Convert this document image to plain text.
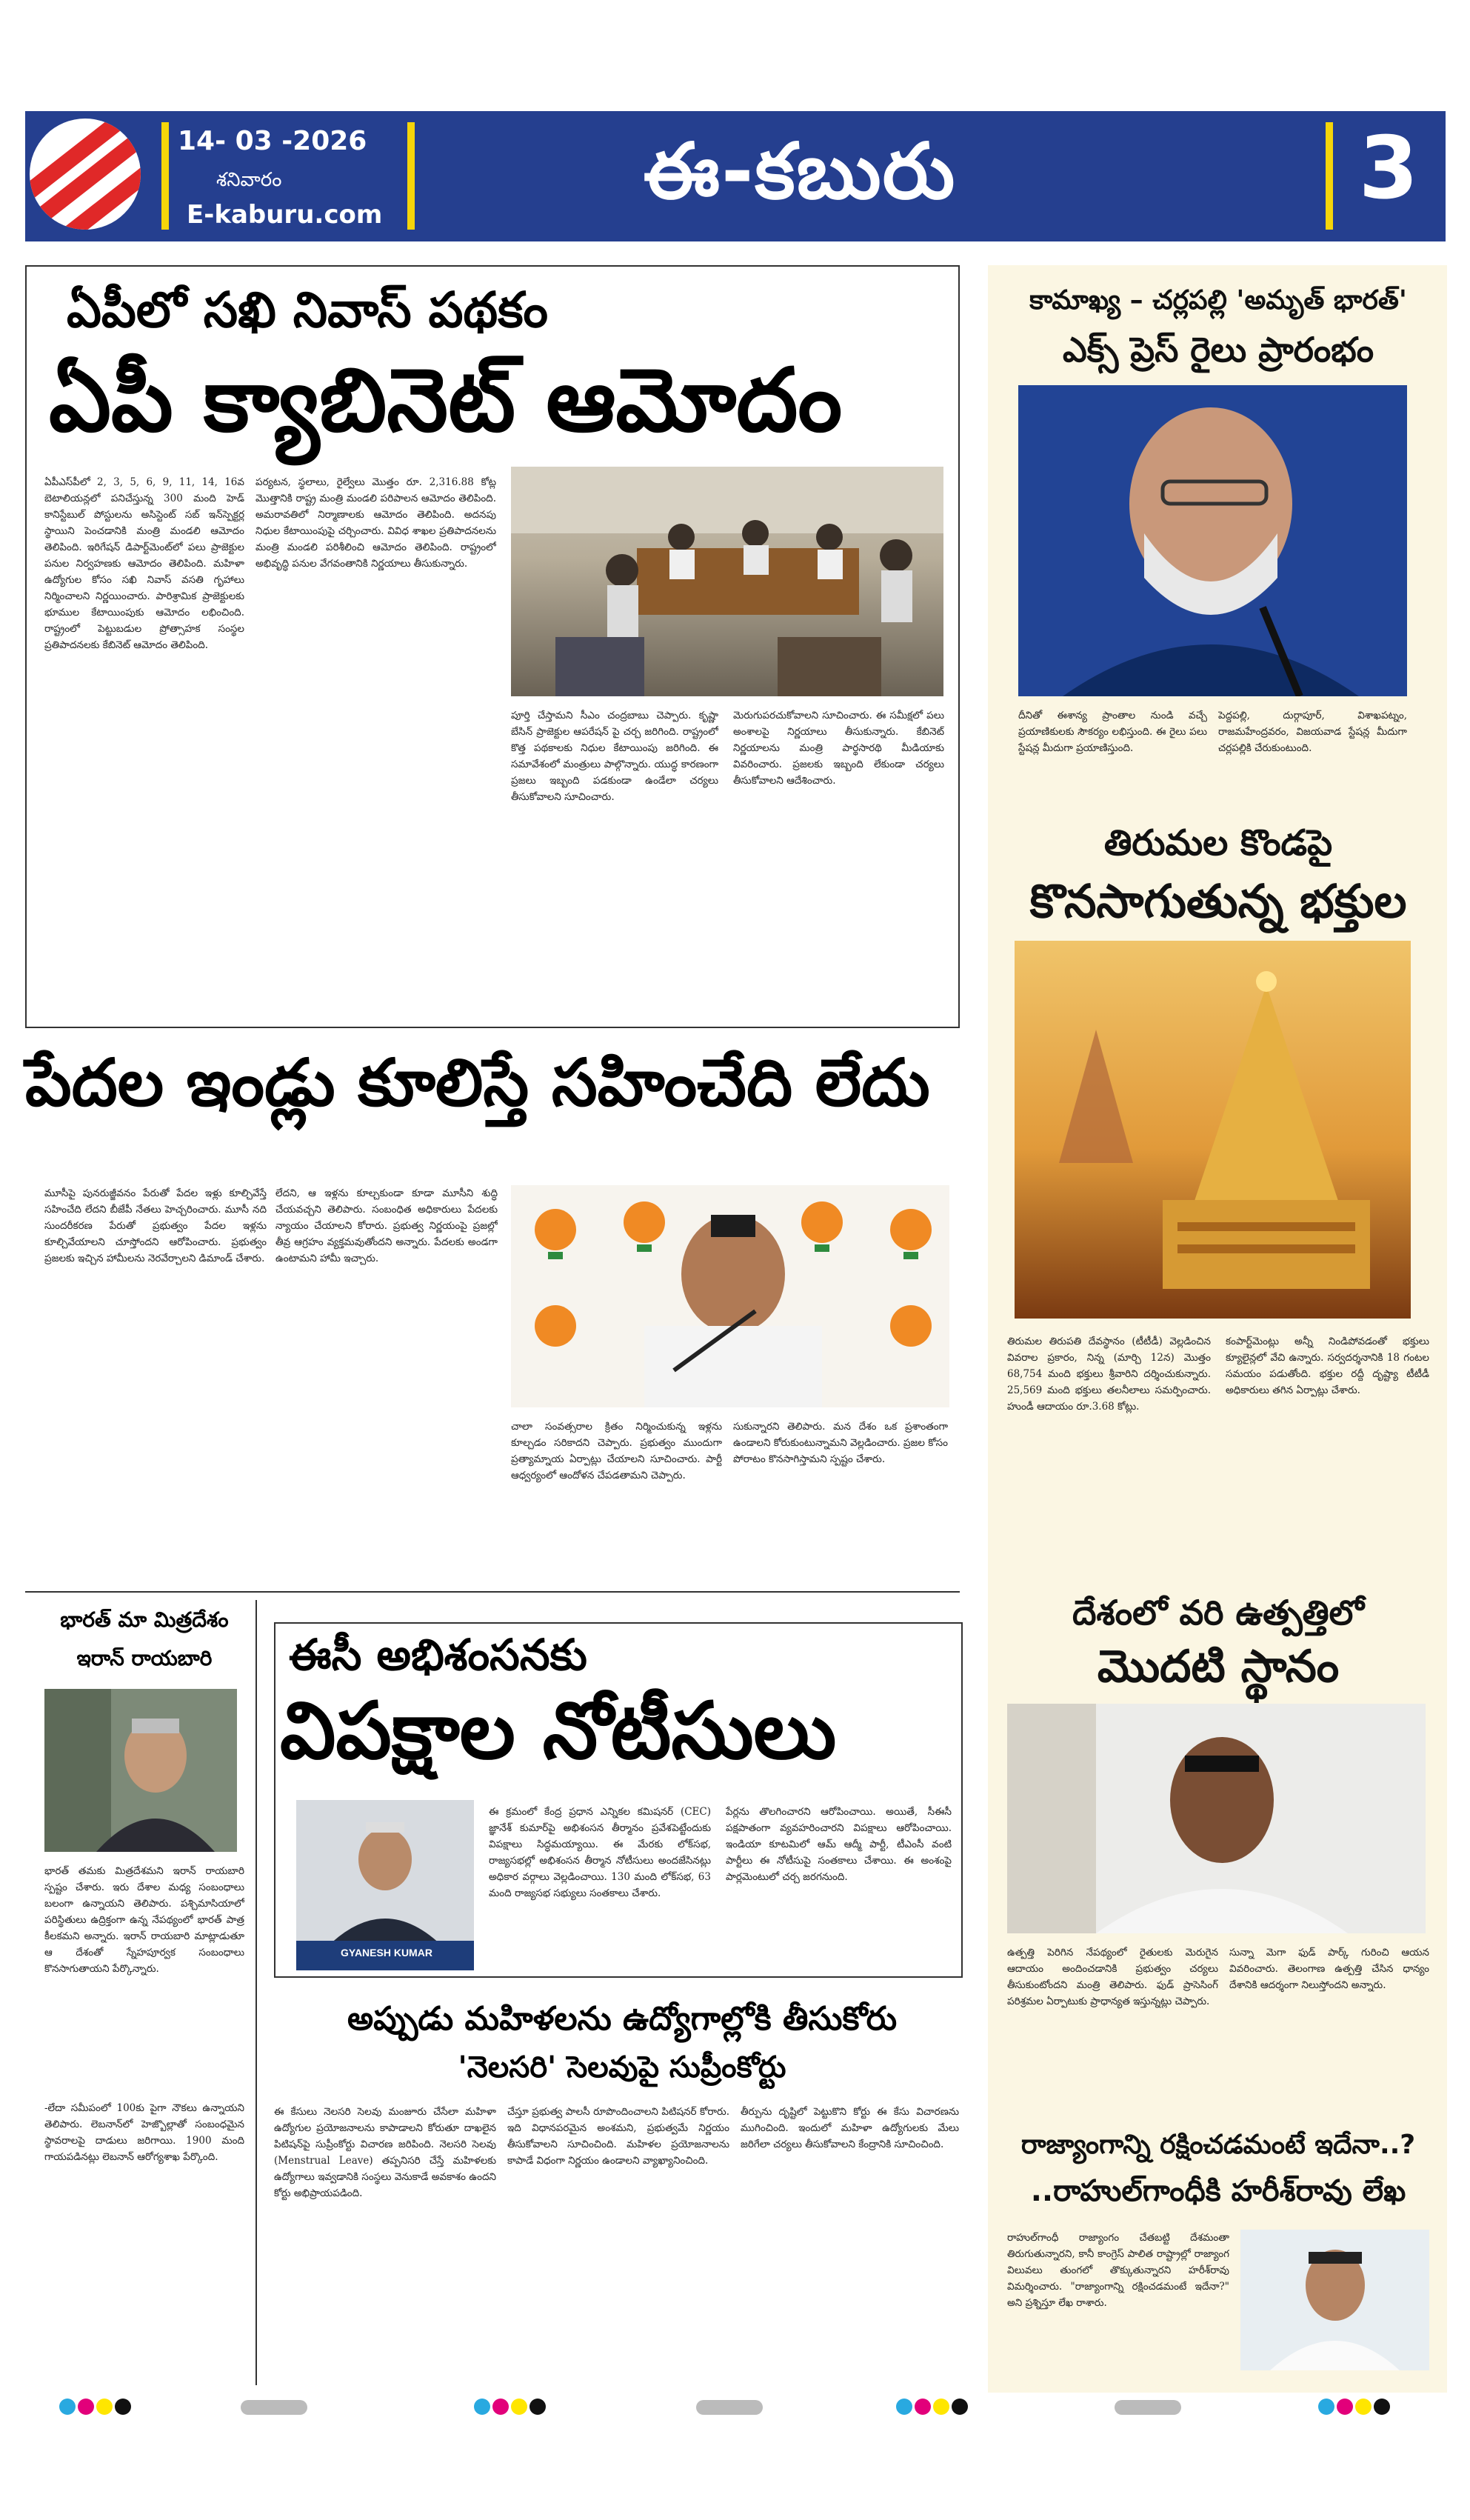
14- 03 -2026
శనివారం
E-kaburu.com	ఈ-కబురు	3
ఏపీలో సఖి నివాస్ పథకం
ఏపీ క్యాబినెట్ ఆమోదం
ఏపీఎస్‌పీలో 2, 3, 5, 6, 9, 11, 14, 16వ బెటాలియన్లలో పనిచేస్తున్న 300 మంది హెడ్ కానిస్టేబుల్ పోస్టులను అసిస్టెంట్ సబ్ ఇన్‌స్పెక్టర్ల స్థాయిని పెంచడానికి మంత్రి మండలి ఆమోదం తెలిపింది. ఇరిగేషన్ డిపార్ట్‌మెంట్‌లో పలు ప్రాజెక్టుల పనుల నిర్వహణకు ఆమోదం తెలిపింది. మహిళా ఉద్యోగుల కోసం సఖి నివాస్ వసతి గృహాలు నిర్మించాలని నిర్ణయించారు. పారిశ్రామిక ప్రాజెక్టులకు భూముల కేటాయింపుకు ఆమోదం లభించింది. రాష్ట్రంలో పెట్టుబడుల ప్రోత్సాహక సంస్థల ప్రతిపాదనలకు కేబినెట్ ఆమోదం తెలిపింది.
పర్యటన, స్థలాలు, రైల్వేలు మొత్తం రూ. 2,316.88 కోట్ల మొత్తానికి రాష్ట్ర మంత్రి మండలి పరిపాలన ఆమోదం తెలిపింది. అమరావతిలో నిర్మాణాలకు ఆమోదం తెలిపింది. అదనపు నిధుల కేటాయింపుపై చర్చించారు. వివిధ శాఖల ప్రతిపాదనలను మంత్రి మండలి పరిశీలించి ఆమోదం తెలిపింది. రాష్ట్రంలో అభివృద్ధి పనుల వేగవంతానికి నిర్ణయాలు తీసుకున్నారు.
పూర్తి చేస్తామని సీఎం చంద్రబాబు చెప్పారు. కృష్ణా బేసిన్ ప్రాజెక్టుల ఆపరేషన్ పై చర్చ జరిగింది. రాష్ట్రంలో కొత్త పథకాలకు నిధుల కేటాయింపు జరిగింది. ఈ సమావేశంలో మంత్రులు పాల్గొన్నారు. యుద్ధ కారణంగా ప్రజలు ఇబ్బంది పడకుండా ఉండేలా చర్యలు తీసుకోవాలని సూచించారు.
మెరుగుపరచుకోవాలని సూచించారు. ఈ సమీక్షలో పలు అంశాలపై నిర్ణయాలు తీసుకున్నారు. కేబినెట్ నిర్ణయాలను మంత్రి పార్థసారథి మీడియాకు వివరించారు. ప్రజలకు ఇబ్బంది లేకుండా చర్యలు తీసుకోవాలని ఆదేశించారు.
పేదల ఇండ్లు కూలిస్తే సహించేది లేదు
మూసీపై పునరుజ్జీవనం పేరుతో పేదల ఇళ్లు కూల్చివేస్తే సహించేది లేదని బీజేపీ నేతలు హెచ్చరించారు. మూసీ నది సుందరీకరణ పేరుతో ప్రభుత్వం పేదల ఇళ్లను కూల్చివేయాలని చూస్తోందని ఆరోపించారు. ప్రభుత్వం ప్రజలకు ఇచ్చిన హామీలను నెరవేర్చాలని డిమాండ్ చేశారు.
లేదని, ఆ ఇళ్లను కూల్చకుండా కూడా మూసీని శుద్ధి చేయవచ్చని తెలిపారు. సంబంధిత అధికారులు పేదలకు న్యాయం చేయాలని కోరారు. ప్రభుత్వ నిర్ణయంపై ప్రజల్లో తీవ్ర ఆగ్రహం వ్యక్తమవుతోందని అన్నారు. పేదలకు అండగా ఉంటామని హామీ ఇచ్చారు.
చాలా సంవత్సరాల క్రితం నిర్మించుకున్న ఇళ్లను కూల్చడం సరికాదని చెప్పారు. ప్రభుత్వం ముందుగా ప్రత్యామ్నాయ ఏర్పాట్లు చేయాలని సూచించారు. పార్టీ ఆధ్వర్యంలో ఆందోళన చేపడతామని చెప్పారు.
సుకున్నారని తెలిపారు. మన దేశం ఒక ప్రశాంతంగా ఉండాలని కోరుకుంటున్నామని వెల్లడించారు. ప్రజల కోసం పోరాటం కొనసాగిస్తామని స్పష్టం చేశారు.
భారత్ మా మిత్రదేశం
ఇరాన్ రాయబారి
భారత్ తమకు మిత్రదేశమని ఇరాన్ రాయబారి స్పష్టం చేశారు. ఇరు దేశాల మధ్య సంబంధాలు బలంగా ఉన్నాయని తెలిపారు. పశ్చిమాసియాలో పరిస్థితులు ఉద్రిక్తంగా ఉన్న నేపథ్యంలో భారత్ పాత్ర కీలకమని అన్నారు. ఇరాన్ రాయబారి మాట్లాడుతూ ఆ దేశంతో స్నేహపూర్వక సంబంధాలు కొనసాగుతాయని పేర్కొన్నారు.
-లేదా సమీపంలో 100కు పైగా నౌకలు ఉన్నాయని తెలిపారు. లెబనాన్‌లో హెజ్బొల్లాతో సంబంధమైన స్థావరాలపై దాడులు జరిగాయి. 1900 మంది గాయపడినట్లు లెబనాన్ ఆరోగ్యశాఖ పేర్కొంది.
ఈసీ అభిశంసనకు
విపక్షాల నోటీసులు
GYANESH KUMAR
ఈ క్రమంలో కేంద్ర ప్రధాన ఎన్నికల కమిషనర్ (CEC) జ్ఞానేశ్ కుమార్‌పై అభిశంసన తీర్మానం ప్రవేశపెట్టేందుకు విపక్షాలు సిద్ధమయ్యాయి. ఈ మేరకు లోక్‌సభ, రాజ్యసభల్లో అభిశంసన తీర్మాన నోటీసులు అందజేసినట్లు అధికార వర్గాలు వెల్లడించాయి. 130 మంది లోక్‌సభ, 63 మంది రాజ్యసభ సభ్యులు సంతకాలు చేశారు.
పేర్లను తొలగించారని ఆరోపించాయి. అయితే, సీఈసీ పక్షపాతంగా వ్యవహరించారని విపక్షాలు ఆరోపించాయి. ఇండియా కూటమిలో ఆమ్ ఆద్మీ పార్టీ, టీఎంసీ వంటి పార్టీలు ఈ నోటీసుపై సంతకాలు చేశాయి. ఈ అంశంపై పార్లమెంటులో చర్చ జరగనుంది.
అప్పుడు మహిళలను ఉద్యోగాల్లోకి తీసుకోరు
'నెలసరి' సెలవుపై సుప్రీంకోర్టు
ఈ కేసులు నెలసరి సెలవు మంజూరు చేసేలా మహిళా ఉద్యోగుల ప్రయోజనాలను కాపాడాలని కోరుతూ దాఖలైన పిటిషన్‌పై సుప్రీంకోర్టు విచారణ జరిపింది. నెలసరి సెలవు (Menstrual Leave) తప్పనిసరి చేస్తే మహిళలకు ఉద్యోగాలు ఇవ్వడానికి సంస్థలు వెనుకాడే అవకాశం ఉందని కోర్టు అభిప్రాయపడింది.
చేస్తూ ప్రభుత్వ పాలసీ రూపొందించాలని పిటిషనర్ కోరారు. ఇది విధానపరమైన అంశమని, ప్రభుత్వమే నిర్ణయం తీసుకోవాలని సూచించింది. మహిళల ప్రయోజనాలను కాపాడే విధంగా నిర్ణయం ఉండాలని వ్యాఖ్యానించింది.
తీర్పును దృష్టిలో పెట్టుకొని కోర్టు ఈ కేసు విచారణను ముగించింది. ఇందులో మహిళా ఉద్యోగులకు మేలు జరిగేలా చర్యలు తీసుకోవాలని కేంద్రానికి సూచించింది.
కామాఖ్య – చర్లపల్లి 'అమృత్ భారత్'
ఎక్స్ ప్రెస్ రైలు ప్రారంభం
దీనితో ఈశాన్య ప్రాంతాల నుండి వచ్చే ప్రయాణికులకు సౌకర్యం లభిస్తుంది. ఈ రైలు పలు స్టేషన్ల మీదుగా ప్రయాణిస్తుంది.
పెద్దపల్లి, దుర్గాపూర్, విశాఖపట్నం, రాజమహేంద్రవరం, విజయవాడ స్టేషన్ల మీదుగా చర్లపల్లికి చేరుకుంటుంది.
తిరుమల కొండపై
కొనసాగుతున్న భక్తుల
తిరుమల తిరుపతి దేవస్థానం (టీటీడీ) వెల్లడించిన వివరాల ప్రకారం, నిన్న (మార్చి 12న) మొత్తం 68,754 మంది భక్తులు శ్రీవారిని దర్శించుకున్నారు. 25,569 మంది భక్తులు తలనీలాలు సమర్పించారు. హుండీ ఆదాయం రూ.3.68 కోట్లు.
కంపార్ట్‌మెంట్లు అన్నీ నిండిపోవడంతో భక్తులు క్యూలైన్లలో వేచి ఉన్నారు. సర్వదర్శనానికి 18 గంటల సమయం పడుతోంది. భక్తుల రద్దీ దృష్ట్యా టీటీడీ అధికారులు తగిన ఏర్పాట్లు చేశారు.
దేశంలో వరి ఉత్పత్తిలో
మొదటి స్థానం
ఉత్పత్తి పెరిగిన నేపథ్యంలో రైతులకు మెరుగైన ఆదాయం అందించడానికి ప్రభుత్వం చర్యలు తీసుకుంటోందని మంత్రి తెలిపారు. ఫుడ్ ప్రాసెసింగ్ పరిశ్రమల ఏర్పాటుకు ప్రాధాన్యత ఇస్తున్నట్లు చెప్పారు.
సున్నా మెగా ఫుడ్ పార్క్ గురించి ఆయన వివరించారు. తెలంగాణ ఉత్పత్తి చేసిన ధాన్యం దేశానికి ఆదర్శంగా నిలుస్తోందని అన్నారు.
రాజ్యాంగాన్ని రక్షించడమంటే ఇదేనా..?
..రాహుల్‌గాంధీకి హరీశ్‌రావు లేఖ
రాహుల్‌గాంధీ రాజ్యాంగం చేతబట్టి దేశమంతా తిరుగుతున్నారని, కానీ కాంగ్రెస్ పాలిత రాష్ట్రాల్లో రాజ్యాంగ విలువలు తుంగలో తొక్కుతున్నారని హరీశ్‌రావు విమర్శించారు. "రాజ్యాంగాన్ని రక్షించడమంటే ఇదేనా?" అని ప్రశ్నిస్తూ లేఖ రాశారు.
